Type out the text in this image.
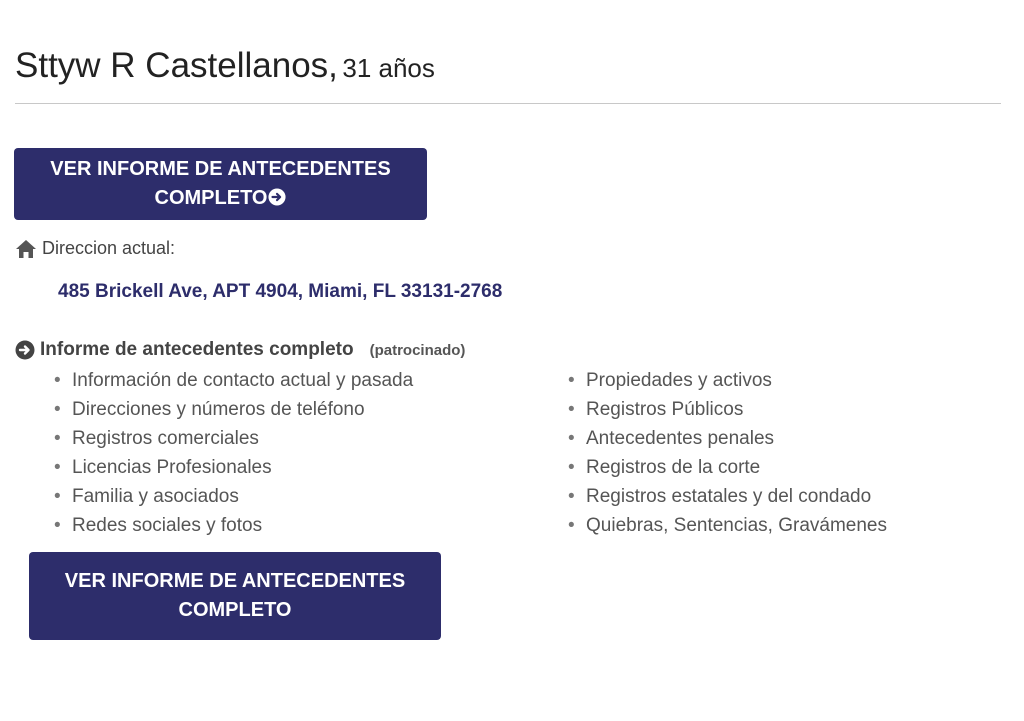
Sttyw R Castellanos, 31 años
VER INFORME DE ANTECEDENTES COMPLETO
Direccion actual:
485 Brickell Ave, APT 4904, Miami, FL 33131-2768
Informe de antecedentes completo (patrocinado)
• Información de contacto actual y pasada
• Direcciones y números de teléfono
• Registros comerciales
• Licencias Profesionales
• Familia y asociados
• Redes sociales y fotos
• Propiedades y activos
• Registros Públicos
• Antecedentes penales
• Registros de la corte
• Registros estatales y del condado
• Quiebras, Sentencias, Gravámenes
VER INFORME DE ANTECEDENTES COMPLETO
